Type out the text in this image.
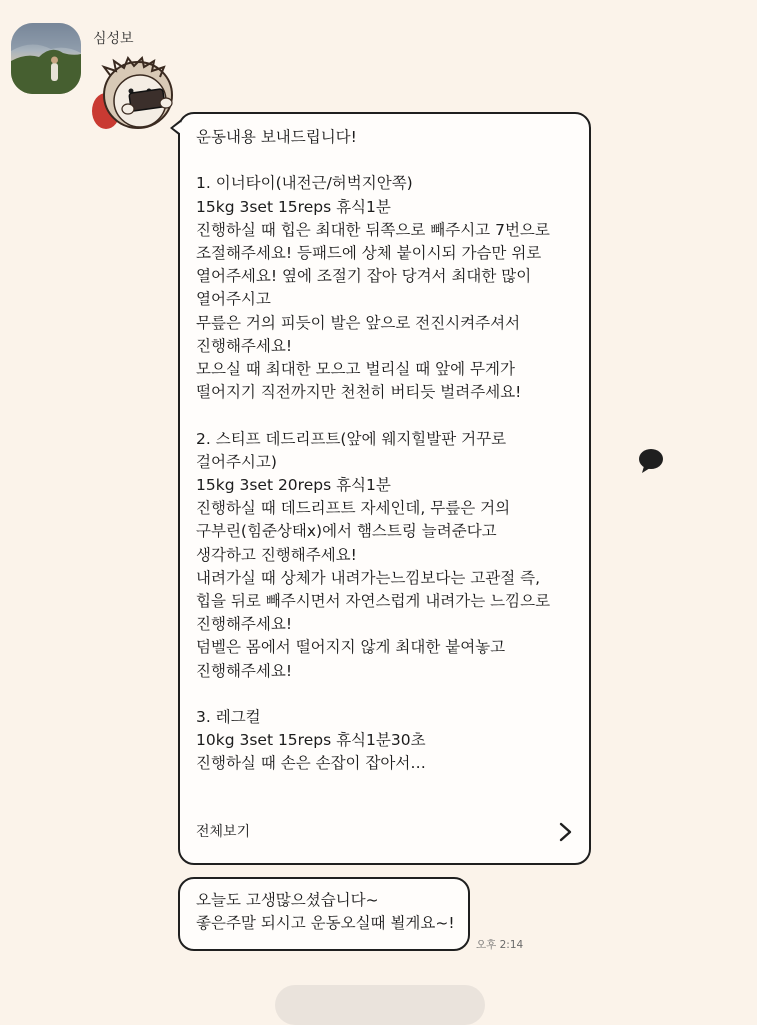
심성보
운동내용 보내드립니다!
1. 이너타이(내전근/허벅지안쪽)
15kg 3set 15reps 휴식1분
진행하실 때 힙은 최대한 뒤쪽으로 빼주시고 7번으로
조절해주세요! 등패드에 상체 붙이시되 가슴만 위로
열어주세요! 옆에 조절기 잡아 당겨서 최대한 많이
열어주시고
무릎은 거의 피듯이 발은 앞으로 전진시켜주셔서
진행해주세요!
모으실 때 최대한 모으고 벌리실 때 앞에 무게가
떨어지기 직전까지만 천천히 버티듯 벌려주세요!
2. 스티프 데드리프트(앞에 웨지힐발판 거꾸로
걸어주시고)
15kg 3set 20reps 휴식1분
진행하실 때 데드리프트 자세인데, 무릎은 거의
구부린(힘준상태x)에서 햄스트링 늘려준다고
생각하고 진행해주세요!
내려가실 때 상체가 내려가는느낌보다는 고관절 즉,
힙을 뒤로 빼주시면서 자연스럽게 내려가는 느낌으로
진행해주세요!
덤벨은 몸에서 떨어지지 않게 최대한 붙여놓고
진행해주세요!
3. 레그컬
10kg 3set 15reps 휴식1분30초
진행하실 때 손은 손잡이 잡아서…
전체보기
오늘도 고생많으셨습니다~
좋은주말 되시고 운동오실때 뵐게요~!
오후 2:14
